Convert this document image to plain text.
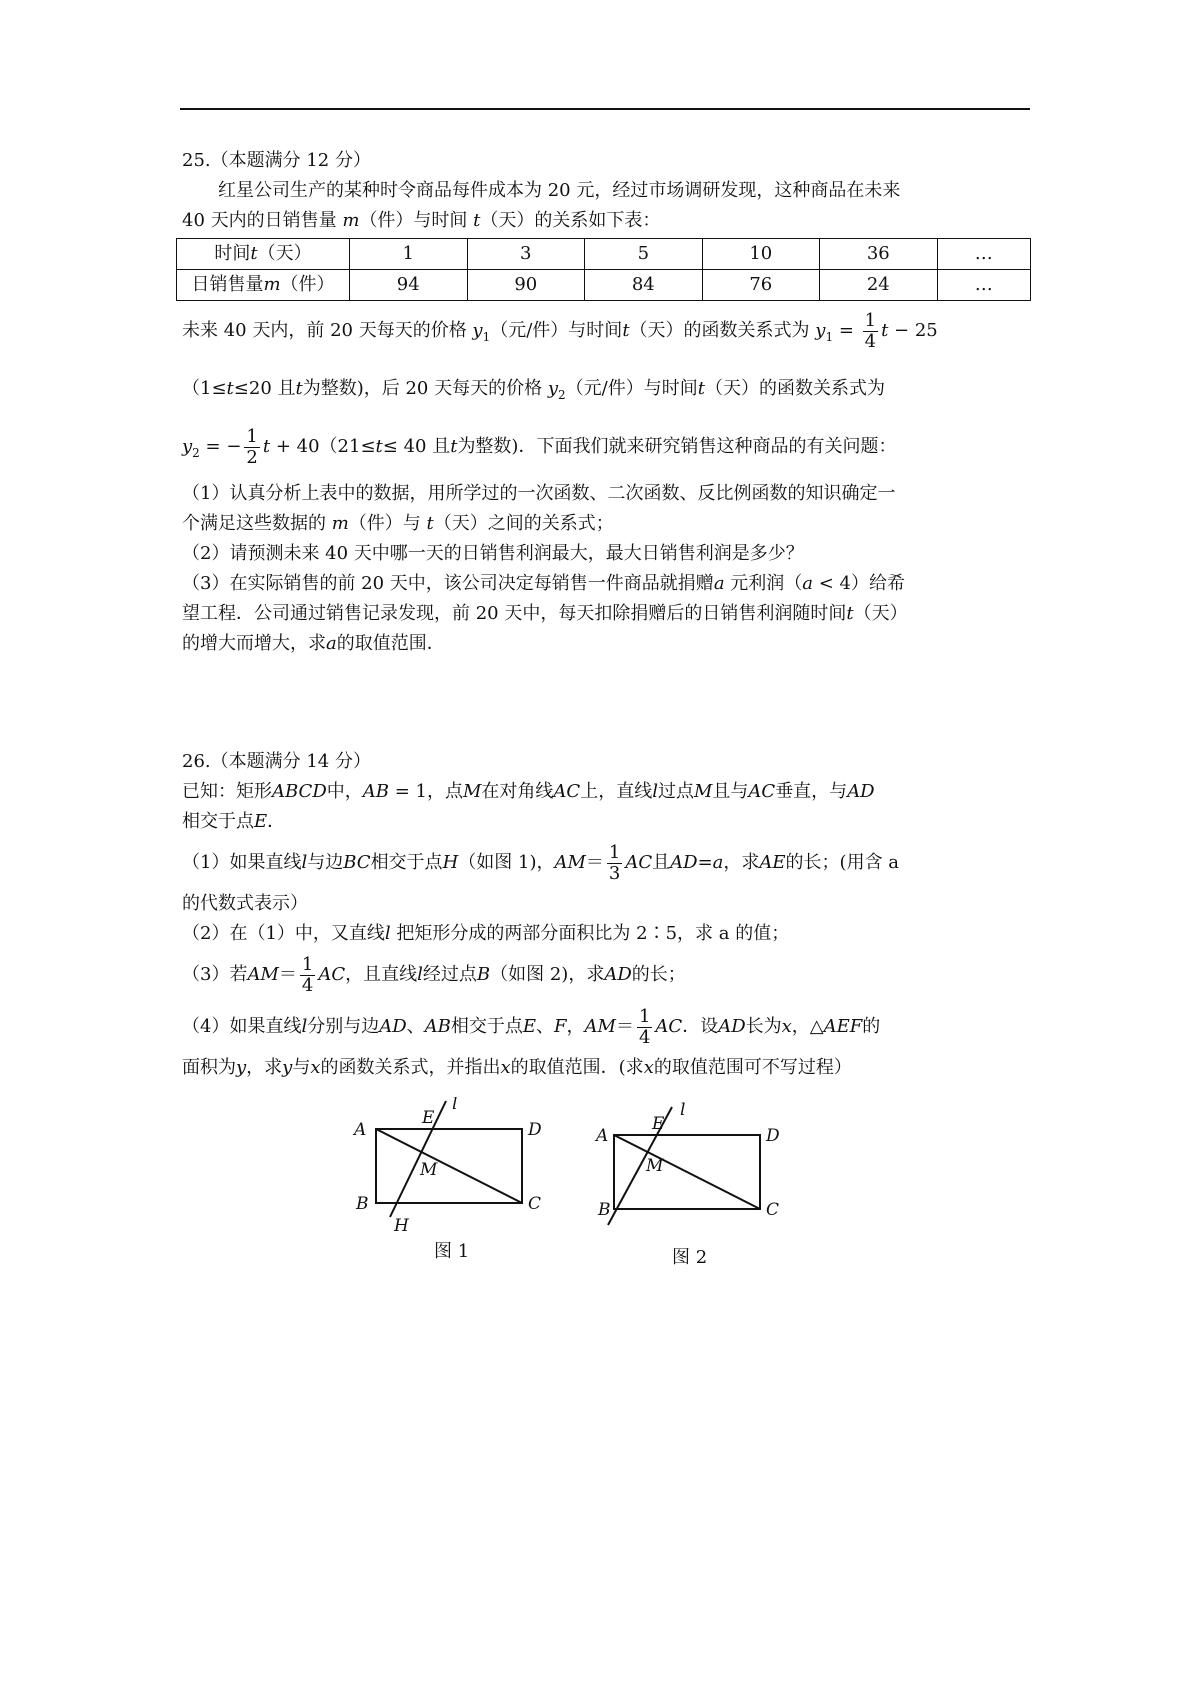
25.（本题满分 12 分）
红星公司生产的某种时令商品每件成本为 20 元，经过市场调研发现，这种商品在未来
40 天内的日销售量 m（件）与时间 t（天）的关系如下表：
时间t（天）	1	3	5	10	36	…
日销售量m（件）	94	90	84	76	24	…
未来 40 天内，前 20 天每天的价格 $y_1$（元/件）与时间t（天）的函数关系式为 $y_1 = \frac{1}{4}$ t − 25
（1≤t≤20 且t为整数)，后 20 天每天的价格 $y_2$（元/件）与时间t（天）的函数关系式为
$y_2$ = − $\frac{1}{2}$ t + 40（21≤t≤ 40 且t为整数)．下面我们就来研究销售这种商品的有关问题：
（1）认真分析上表中的数据，用所学过的一次函数、二次函数、反比例函数的知识确定一
个满足这些数据的 m（件）与 t（天）之间的关系式；
（2）请预测未来 40 天中哪一天的日销售利润最大，最大日销售利润是多少？
（3）在实际销售的前 20 天中，该公司决定每销售一件商品就捐赠a 元利润（a < 4）给希
望工程．公司通过销售记录发现，前 20 天中，每天扣除捐赠后的日销售利润随时间t（天）
的增大而增大，求a的取值范围．
26.（本题满分 14 分）
已知：矩形ABCD中，AB = 1，点M在对角线AC上，直线l过点M且与AC垂直，与AD
相交于点E．
（1）如果直线l与边BC相交于点H（如图 1)，$AM= \frac{1}{3}$ AC且AD=a，求AE的长；(用含 a
的代数式表示）
（2）在（1）中，又直线l 把矩形分成的两部分面积比为 2∶5，求 a 的值；
（3）若$AM= \frac{1}{4}$ AC，且直线l经过点B（如图 2)，求AD的长；
（4）如果直线l分别与边AD、AB相交于点E、F，$AM= \frac{1}{4}$ AC．设AD长为x，△AEF的
面积为y，求y与x的函数关系式，并指出x的取值范围．(求x的取值范围可不写过程）
A
E
l
D
M
B	C
H
图 1
A
E
l
D
M
B	C
图 2
